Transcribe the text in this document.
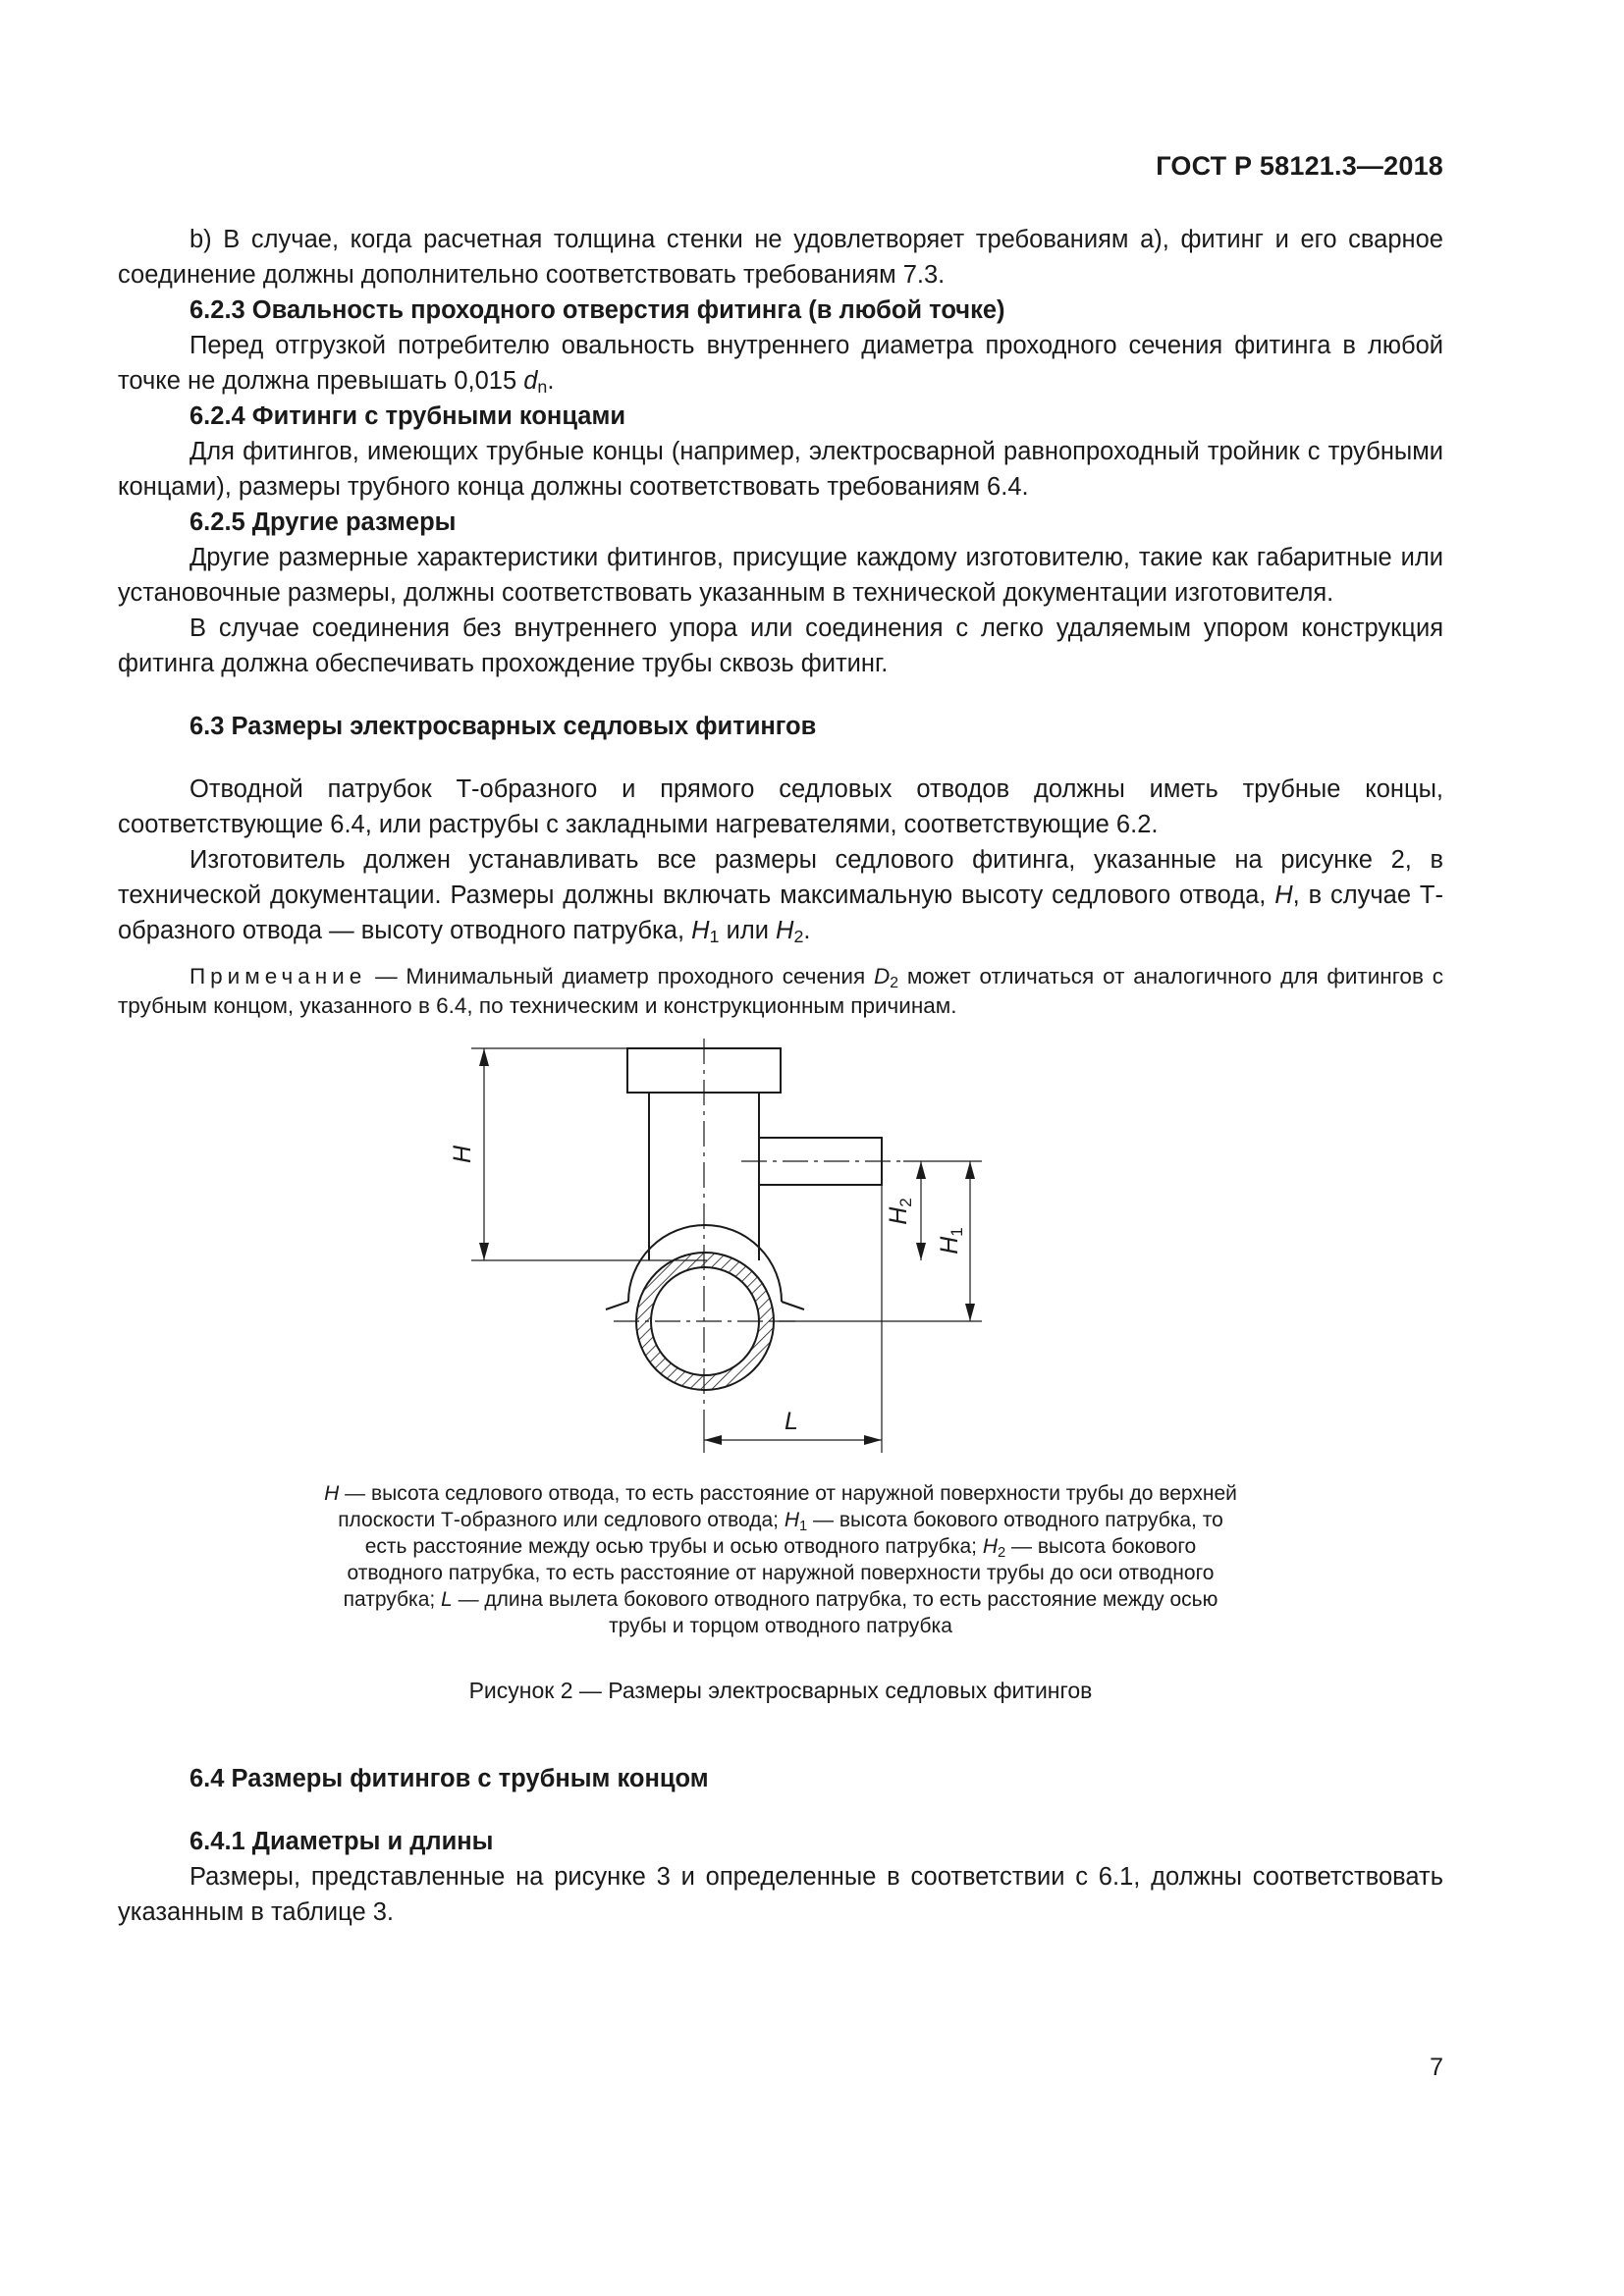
ГОСТ Р 58121.3—2018

b) В случае, когда расчетная толщина стенки не удовлетворяет требованиям а), фитинг и его сварное соединение должны дополнительно соответствовать требованиям 7.3.

6.2.3 Овальность проходного отверстия фитинга (в любой точке)

Перед отгрузкой потребителю овальность внутреннего диаметра проходного сечения фитинга в любой точке не должна превышать 0,015 $d_n$.

6.2.4 Фитинги с трубными концами

Для фитингов, имеющих трубные концы (например, электросварной равнопроходный тройник с трубными концами), размеры трубного конца должны соответствовать требованиям 6.4.

6.2.5 Другие размеры

Другие размерные характеристики фитингов, присущие каждому изготовителю, такие как габаритные или установочные размеры, должны соответствовать указанным в технической документации изготовителя.

В случае соединения без внутреннего упора или соединения с легко удаляемым упором конструкция фитинга должна обеспечивать прохождение трубы сквозь фитинг.

6.3 Размеры электросварных седловых фитингов

Отводной патрубок Т-образного и прямого седловых отводов должны иметь трубные концы, соответствующие 6.4, или раструбы с закладными нагревателями, соответствующие 6.2.

Изготовитель должен устанавливать все размеры седлового фитинга, указанные на рисунке 2, в технической документации. Размеры должны включать максимальную высоту седлового отвода, H, в случае Т-образного отвода — высоту отводного патрубка, $H_1$ или $H_2$.

Примечание — Минимальный диаметр проходного сечения $D_2$ может отличаться от аналогичного для фитингов с трубным концом, указанного в 6.4, по техническим и конструкционным причинам.

H
$H_2$
$H_1$
L
H — высота седлового отвода, то есть расстояние от наружной поверхности трубы до верхней плоскости Т-образного или седлового отвода; $H_1$ — высота бокового отводного патрубка, то есть расстояние между осью трубы и осью отводного патрубка; $H_2$ — высота бокового отводного патрубка, то есть расстояние от наружной поверхности трубы до оси отводного патрубка; L — длина вылета бокового отводного патрубка, то есть расстояние между осью трубы и торцом отводного патрубка
Рисунок 2 — Размеры электросварных седловых фитингов

6.4 Размеры фитингов с трубным концом

6.4.1 Диаметры и длины

Размеры, представленные на рисунке 3 и определенные в соответствии с 6.1, должны соответствовать указанным в таблице 3.

7
